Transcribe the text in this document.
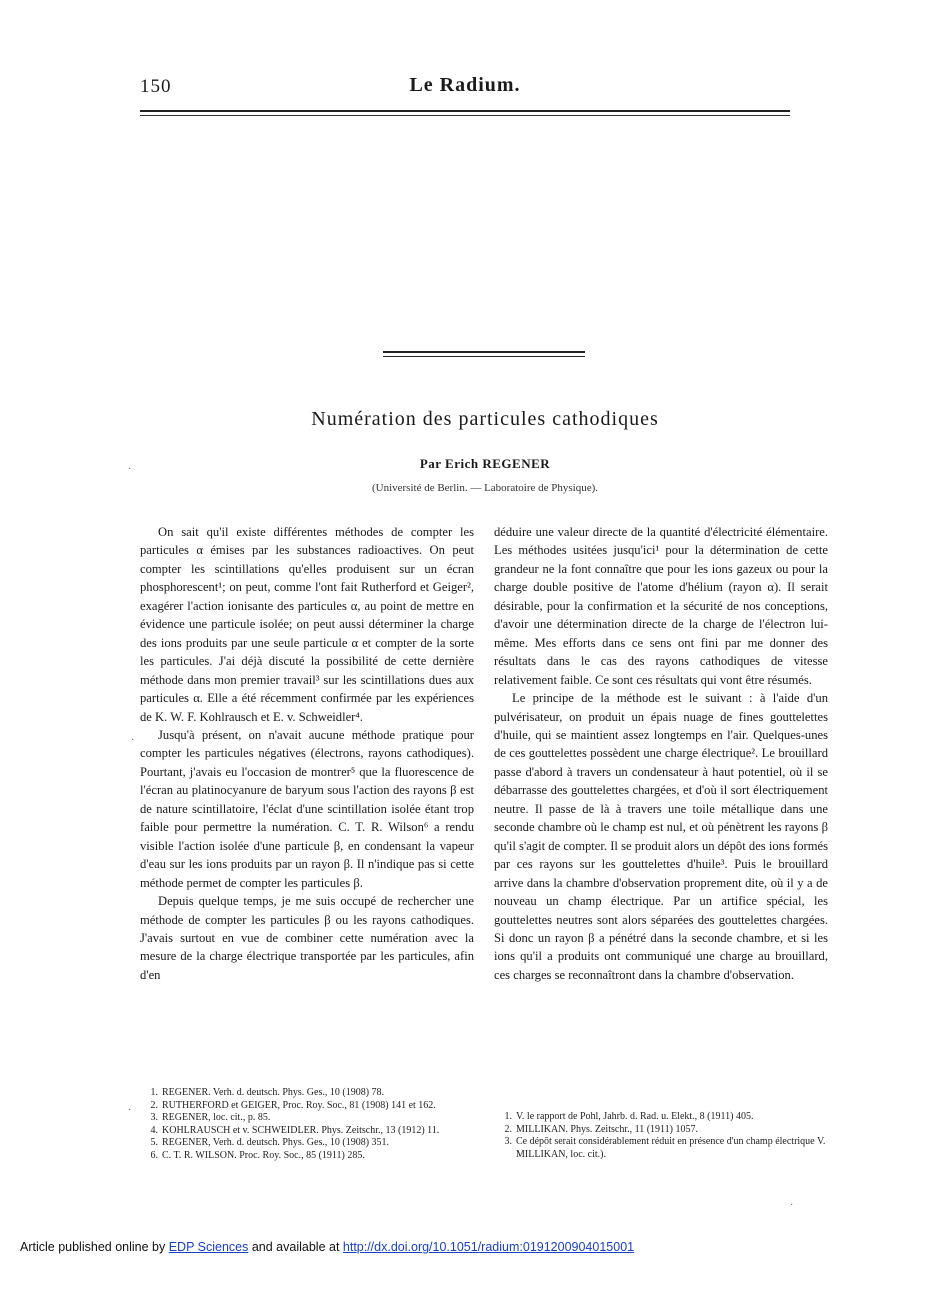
150	Le Radium.
Numération des particules cathodiques
Par Erich REGENER
(Université de Berlin. — Laboratoire de Physique).

On sait qu'il existe différentes méthodes de compter les particules α émises par les substances radioactives. On peut compter les scintillations qu'elles produisent sur un écran phosphorescent¹; on peut, comme l'ont fait Rutherford et Geiger², exagérer l'action ionisante des particules α, au point de mettre en évidence une particule isolée; on peut aussi déterminer la charge des ions produits par une seule particule α et compter de la sorte les particules. J'ai déjà discuté la possibilité de cette dernière méthode dans mon premier travail³ sur les scintillations dues aux particules α. Elle a été récemment confirmée par les expériences de K. W. F. Kohlrausch et E. v. Schweidler⁴.

Jusqu'à présent, on n'avait aucune méthode pratique pour compter les particules négatives (électrons, rayons cathodiques). Pourtant, j'avais eu l'occasion de montrer⁵ que la fluorescence de l'écran au platinocyanure de baryum sous l'action des rayons β est de nature scintillatoire, l'éclat d'une scintillation isolée étant trop faible pour permettre la numération. C. T. R. Wilson⁶ a rendu visible l'action isolée d'une particule β, en condensant la vapeur d'eau sur les ions produits par un rayon β. Il n'indique pas si cette méthode permet de compter les particules β.

Depuis quelque temps, je me suis occupé de rechercher une méthode de compter les particules β ou les rayons cathodiques. J'avais surtout en vue de combiner cette numération avec la mesure de la charge électrique transportée par les particules, afin d'en

déduire une valeur directe de la quantité d'électricité élémentaire. Les méthodes usitées jusqu'ici¹ pour la détermination de cette grandeur ne la font connaître que pour les ions gazeux ou pour la charge double positive de l'atome d'hélium (rayon α). Il serait désirable, pour la confirmation et la sécurité de nos conceptions, d'avoir une détermination directe de la charge de l'électron lui-même. Mes efforts dans ce sens ont fini par me donner des résultats dans le cas des rayons cathodiques de vitesse relativement faible. Ce sont ces résultats qui vont être résumés.

Le principe de la méthode est le suivant : à l'aide d'un pulvérisateur, on produit un épais nuage de fines gouttelettes d'huile, qui se maintient assez longtemps en l'air. Quelques-unes de ces gouttelettes possèdent une charge électrique². Le brouillard passe d'abord à travers un condensateur à haut potentiel, où il se débarrasse des gouttelettes chargées, et d'où il sort électriquement neutre. Il passe de là à travers une toile métallique dans une seconde chambre où le champ est nul, et où pénètrent les rayons β qu'il s'agit de compter. Il se produit alors un dépôt des ions formés par ces rayons sur les gouttelettes d'huile³. Puis le brouillard arrive dans la chambre d'observation proprement dite, où il y a de nouveau un champ électrique. Par un artifice spécial, les gouttelettes neutres sont alors séparées des gouttelettes chargées. Si donc un rayon β a pénétré dans la seconde chambre, et si les ions qu'il a produits ont communiqué une charge au brouillard, ces charges se reconnaîtront dans la chambre d'observation.

1. REGENER. Verh. d. deutsch. Phys. Ges., 10 (1908) 78.
2. RUTHERFORD et GEIGER, Proc. Roy. Soc., 81 (1908) 141 et 162.
3. REGENER, loc. cit., p. 85.
4. KOHLRAUSCH et v. SCHWEIDLER. Phys. Zeitschr., 13 (1912) 11.
5. REGENER, Verh. d. deutsch. Phys. Ges., 10 (1908) 351.
6. C. T. R. WILSON. Proc. Roy. Soc., 85 (1911) 285.
1. V. le rapport de Pohl, Jahrb. d. Rad. u. Elekt., 8 (1911) 405.
2. MILLIKAN. Phys. Zeitschr., 11 (1911) 1057.
3. Ce dépôt serait considérablement réduit en présence d'un champ électrique V. MILLIKAN, loc. cit.).
·
·
·
·
Article published online by EDP Sciences and available at http://dx.doi.org/10.1051/radium:0191200904015001
